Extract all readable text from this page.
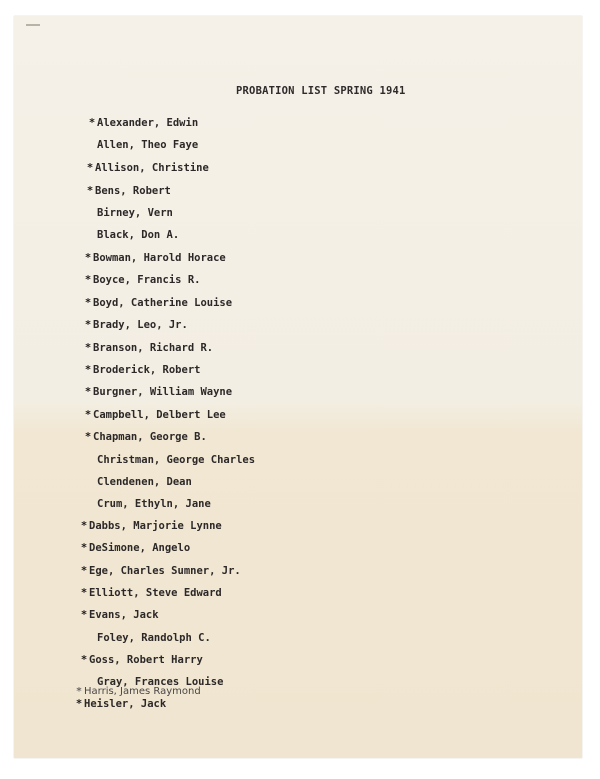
PROBATION LIST SPRING 1941
* Alexander, Edwin
Allen, Theo Faye
* Allison, Christine
* Bens, Robert
Birney, Vern
Black, Don A.
* Bowman, Harold Horace
* Boyce, Francis R.
* Boyd, Catherine Louise
* Brady, Leo, Jr.
* Branson, Richard R.
* Broderick, Robert
* Burgner, William Wayne
* Campbell, Delbert Lee
* Chapman, George B.
Christman, George Charles
Clendenen, Dean
Crum, Ethyln, Jane
* Dabbs, Marjorie Lynne
* DeSimone, Angelo
* Ege, Charles Sumner, Jr.
* Elliott, Steve Edward
* Evans, Jack
Foley, Randolph C.
* Goss, Robert Harry
Gray, Frances Louise
* Harris, James Raymond
* Heisler, Jack
